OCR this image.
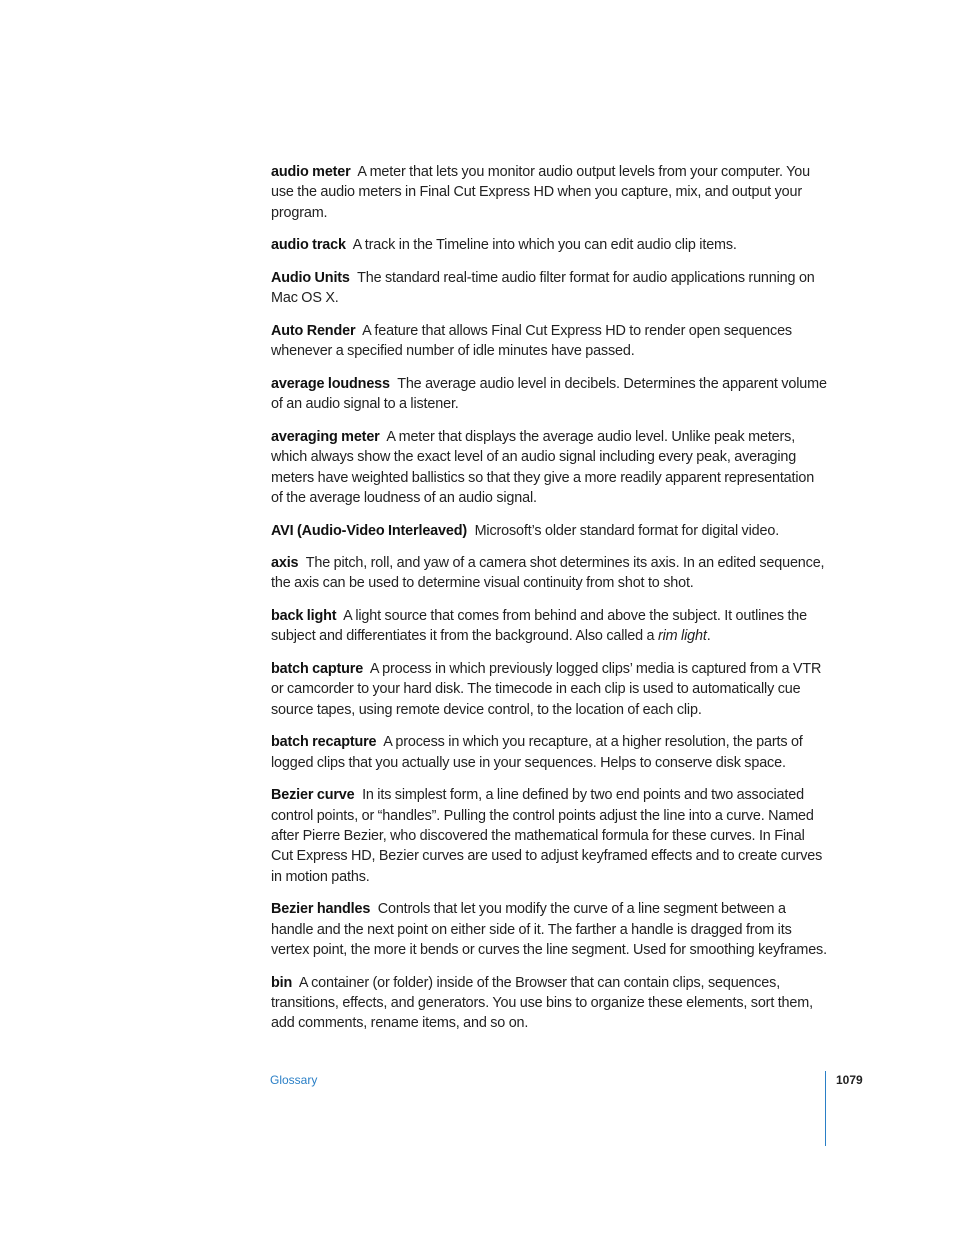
audio meter A meter that lets you monitor audio output levels from your computer. You use the audio meters in Final Cut Express HD when you capture, mix, and output your program.

audio track A track in the Timeline into which you can edit audio clip items.

Audio Units The standard real-time audio filter format for audio applications running on Mac OS X.

Auto Render A feature that allows Final Cut Express HD to render open sequences whenever a specified number of idle minutes have passed.

average loudness The average audio level in decibels. Determines the apparent volume of an audio signal to a listener.

averaging meter A meter that displays the average audio level. Unlike peak meters, which always show the exact level of an audio signal including every peak, averaging meters have weighted ballistics so that they give a more readily apparent representation of the average loudness of an audio signal.

AVI (Audio-Video Interleaved) Microsoft’s older standard format for digital video.

axis The pitch, roll, and yaw of a camera shot determines its axis. In an edited sequence, the axis can be used to determine visual continuity from shot to shot.

back light A light source that comes from behind and above the subject. It outlines the subject and differentiates it from the background. Also called a rim light.

batch capture A process in which previously logged clips’ media is captured from a VTR or camcorder to your hard disk. The timecode in each clip is used to automatically cue source tapes, using remote device control, to the location of each clip.

batch recapture A process in which you recapture, at a higher resolution, the parts of logged clips that you actually use in your sequences. Helps to conserve disk space.

Bezier curve In its simplest form, a line defined by two end points and two associated control points, or “handles”. Pulling the control points adjust the line into a curve. Named after Pierre Bezier, who discovered the mathematical formula for these curves. In Final Cut Express HD, Bezier curves are used to adjust keyframed effects and to create curves in motion paths.

Bezier handles Controls that let you modify the curve of a line segment between a handle and the next point on either side of it. The farther a handle is dragged from its vertex point, the more it bends or curves the line segment. Used for smoothing keyframes.

bin A container (or folder) inside of the Browser that can contain clips, sequences, transitions, effects, and generators. You use bins to organize these elements, sort them, add comments, rename items, and so on.

Glossary	1079
